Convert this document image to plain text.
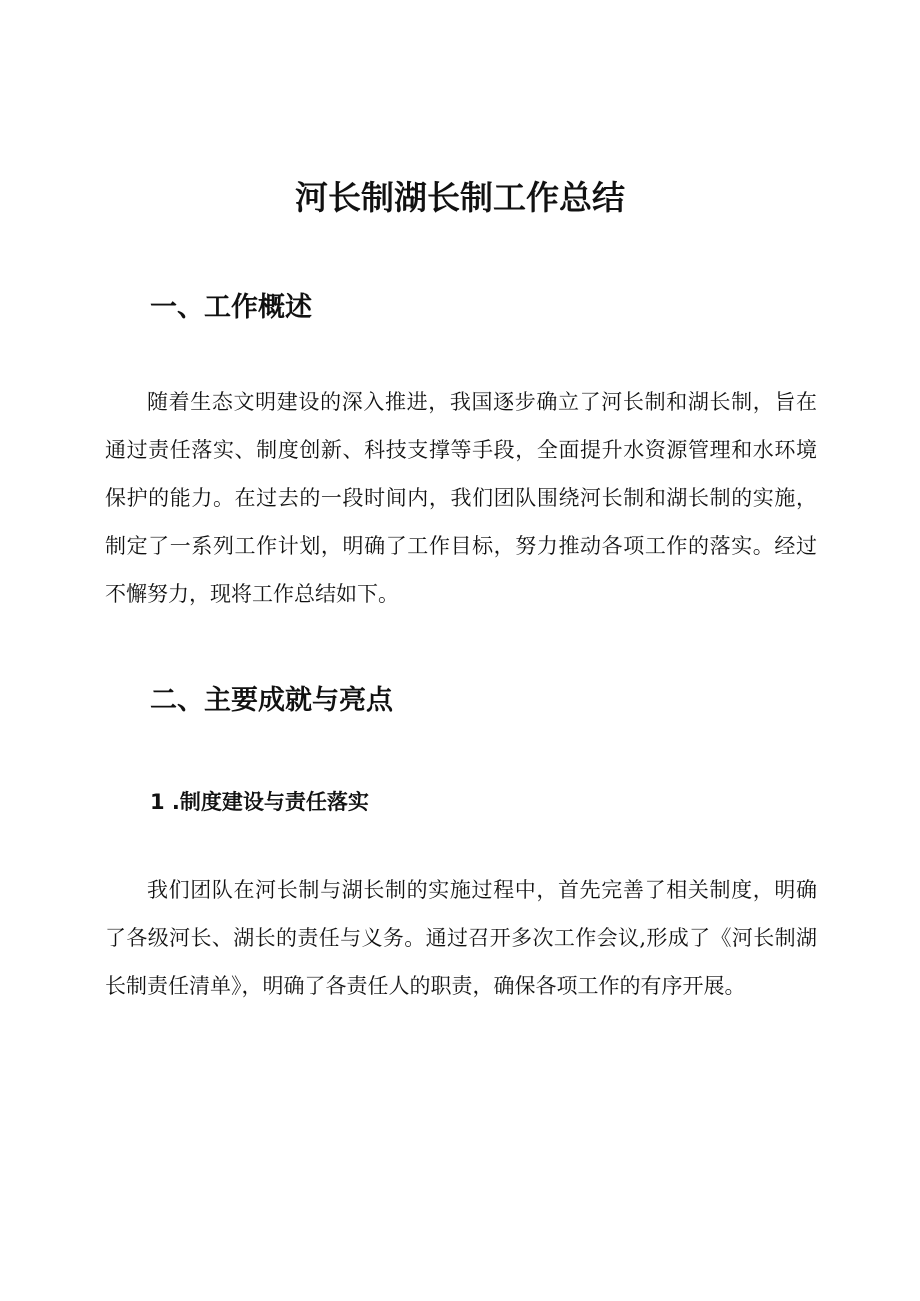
河长制湖长制工作总结
一、工作概述

随着生态文明建设的深入推进，我国逐步确立了河长制和湖长制，旨在通过责任落实、制度创新、科技支撑等手段，全面提升水资源管理和水环境保护的能力。在过去的一段时间内，我们团队围绕河长制和湖长制的实施，制定了一系列工作计划，明确了工作目标，努力推动各项工作的落实。经过不懈努力，现将工作总结如下。

二、主要成就与亮点
1 .制度建设与责任落实

我们团队在河长制与湖长制的实施过程中，首先完善了相关制度，明确了各级河长、湖长的责任与义务。通过召开多次工作会议,形成了《河长制湖长制责任清单》，明确了各责任人的职责，确保各项工作的有序开展。
